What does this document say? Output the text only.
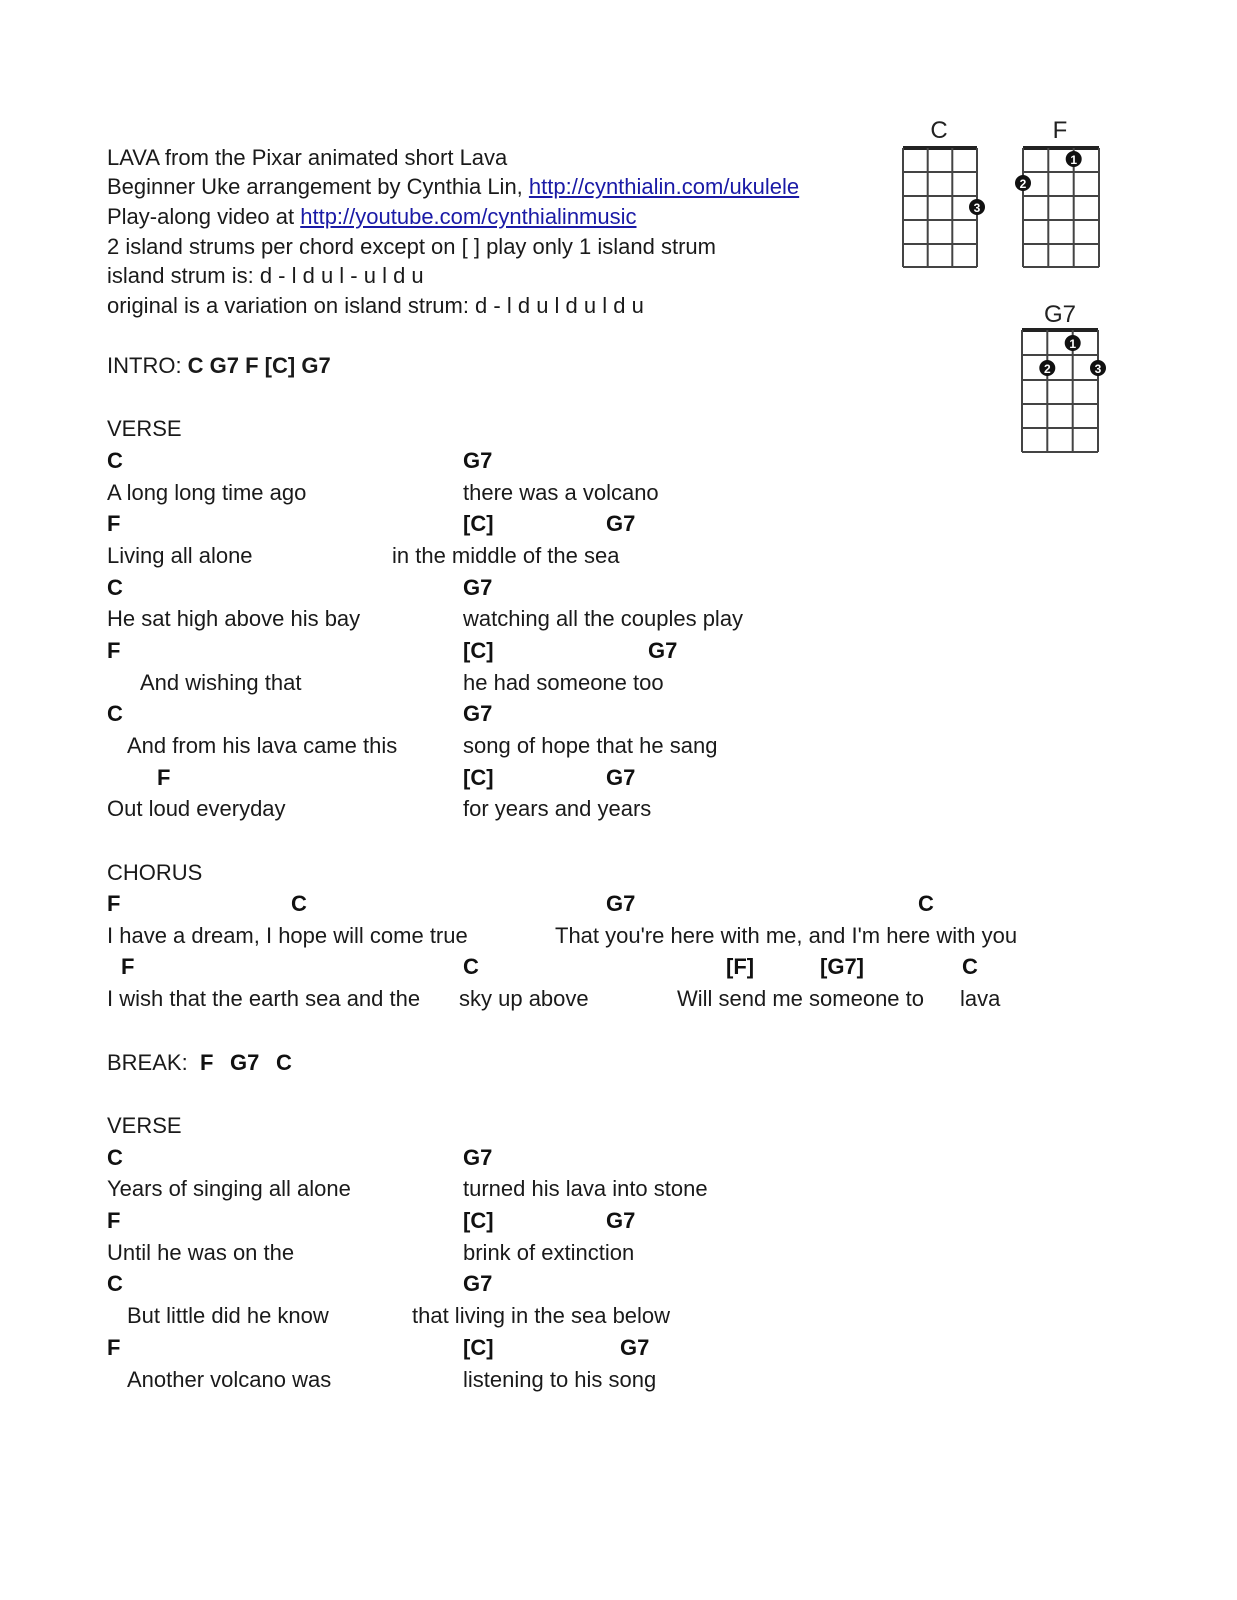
LAVA from the Pixar animated short Lava
Beginner Uke arrangement by Cynthia Lin, http://cynthialin.com/ukulele
Play-along video at http://youtube.com/cynthialinmusic
2 island strums per chord except on [ ] play only 1 island strum
island strum is: d - l d u l - u l d u
original is a variation on island strum: d - l d u l d u l d u
INTRO: C G7 F [C] G7
VERSE
C	G7
A long long time ago	there was a volcano
F	[C]	G7
Living all alone	in the middle of the sea
C	G7
He sat high above his bay	watching all the couples play
F	[C]	G7
And wishing that	he had someone too
C	G7
And from his lava came this	song of hope that he sang
F	[C]	G7
Out loud everyday	for years and years
CHORUS
F	C	G7	C
I have a dream, I hope will come true	That you're here with me, and I'm here with you
F	C	[F]	[G7]	C
I wish that the earth sea and the sky up above	Will send me someone to lava
BREAK: F G7 C
VERSE
C	G7
Years of singing all alone	turned his lava into stone
F	[C]	G7
Until he was on the	brink of extinction
C	G7
But little did he know	that living in the sea below
F	[C]	G7
Another volcano was	listening to his song
C
3
F
1
2
G7
1
2	3
